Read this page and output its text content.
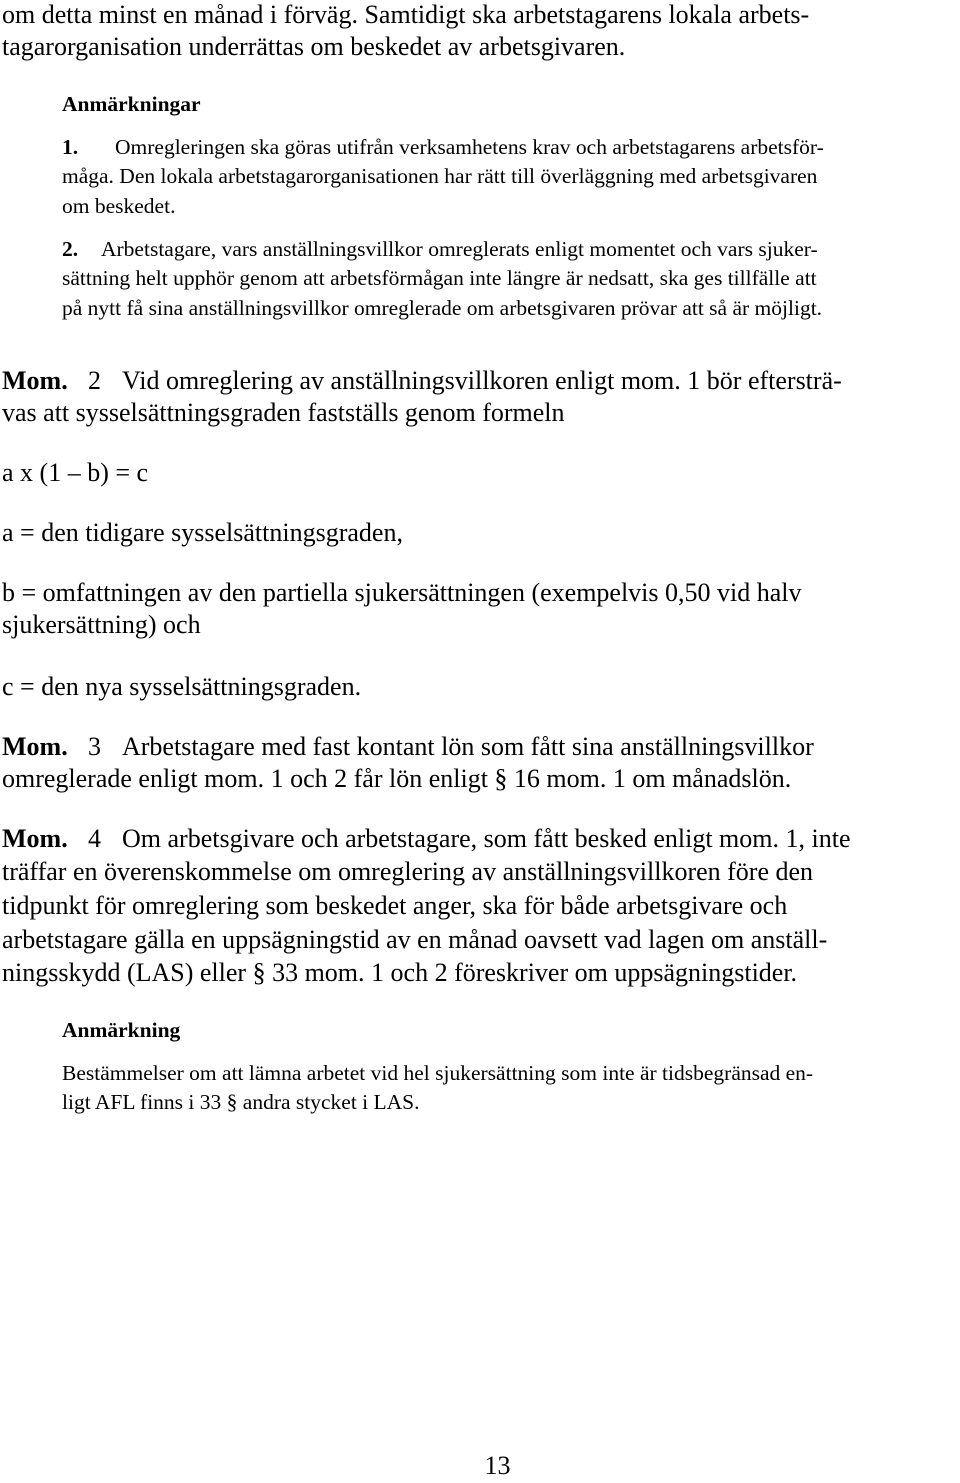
om detta minst en månad i förväg. Samtidigt ska arbetstagarens lokala arbets-

tagarorganisation underrättas om beskedet av arbetsgivaren.

Anmärkningar

1. Omregleringen ska göras utifrån verksamhetens krav och arbetstagarens arbetsför-

måga. Den lokala arbetstagarorganisationen har rätt till överläggning med arbetsgivaren

om beskedet.

2. Arbetstagare, vars anställningsvillkor omreglerats enligt momentet och vars sjuker-

sättning helt upphör genom att arbetsförmågan inte längre är nedsatt, ska ges tillfälle att

på nytt få sina anställningsvillkor omreglerade om arbetsgivaren prövar att så är möjligt.

Mom. 2 Vid omreglering av anställningsvillkoren enligt mom. 1 bör eftersträ-

vas att sysselsättningsgraden fastställs genom formeln

a x (1 – b) = c

a = den tidigare sysselsättningsgraden,

b = omfattningen av den partiella sjukersättningen (exempelvis 0,50 vid halv

sjukersättning) och

c = den nya sysselsättningsgraden.

Mom. 3 Arbetstagare med fast kontant lön som fått sina anställningsvillkor

omreglerade enligt mom. 1 och 2 får lön enligt § 16 mom. 1 om månadslön.

Mom. 4 Om arbetsgivare och arbetstagare, som fått besked enligt mom. 1, inte

träffar en överenskommelse om omreglering av anställningsvillkoren före den

tidpunkt för omreglering som beskedet anger, ska för både arbetsgivare och

arbetstagare gälla en uppsägningstid av en månad oavsett vad lagen om anställ-

ningsskydd (LAS) eller § 33 mom. 1 och 2 föreskriver om uppsägningstider.

Anmärkning

Bestämmelser om att lämna arbetet vid hel sjukersättning som inte är tidsbegränsad en-

ligt AFL finns i 33 § andra stycket i LAS.

13
